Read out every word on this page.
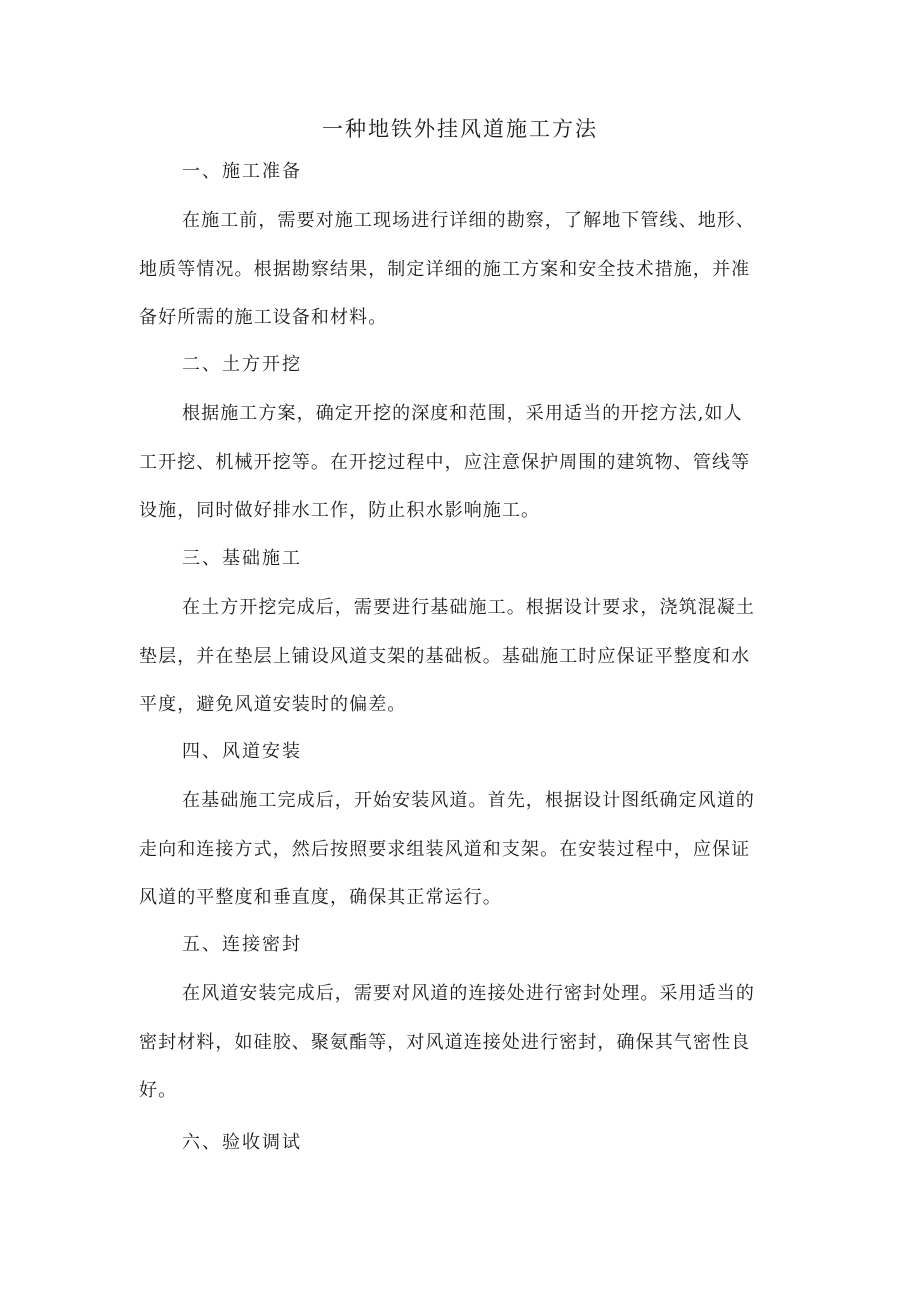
一种地铁外挂风道施工方法
一、施工准备
在施工前，需要对施工现场进行详细的勘察，了解地下管线、地形、
地质等情况。根据勘察结果，制定详细的施工方案和安全技术措施，并准
备好所需的施工设备和材料。
二、土方开挖
根据施工方案，确定开挖的深度和范围，采用适当的开挖方法,如人
工开挖、机械开挖等。在开挖过程中，应注意保护周围的建筑物、管线等
设施，同时做好排水工作，防止积水影响施工。
三、基础施工
在土方开挖完成后，需要进行基础施工。根据设计要求，浇筑混凝土
垫层，并在垫层上铺设风道支架的基础板。基础施工时应保证平整度和水
平度，避免风道安装时的偏差。
四、风道安装
在基础施工完成后，开始安装风道。首先，根据设计图纸确定风道的
走向和连接方式，然后按照要求组装风道和支架。在安装过程中，应保证
风道的平整度和垂直度，确保其正常运行。
五、连接密封
在风道安装完成后，需要对风道的连接处进行密封处理。采用适当的
密封材料，如硅胶、聚氨酯等，对风道连接处进行密封，确保其气密性良
好。
六、验收调试
